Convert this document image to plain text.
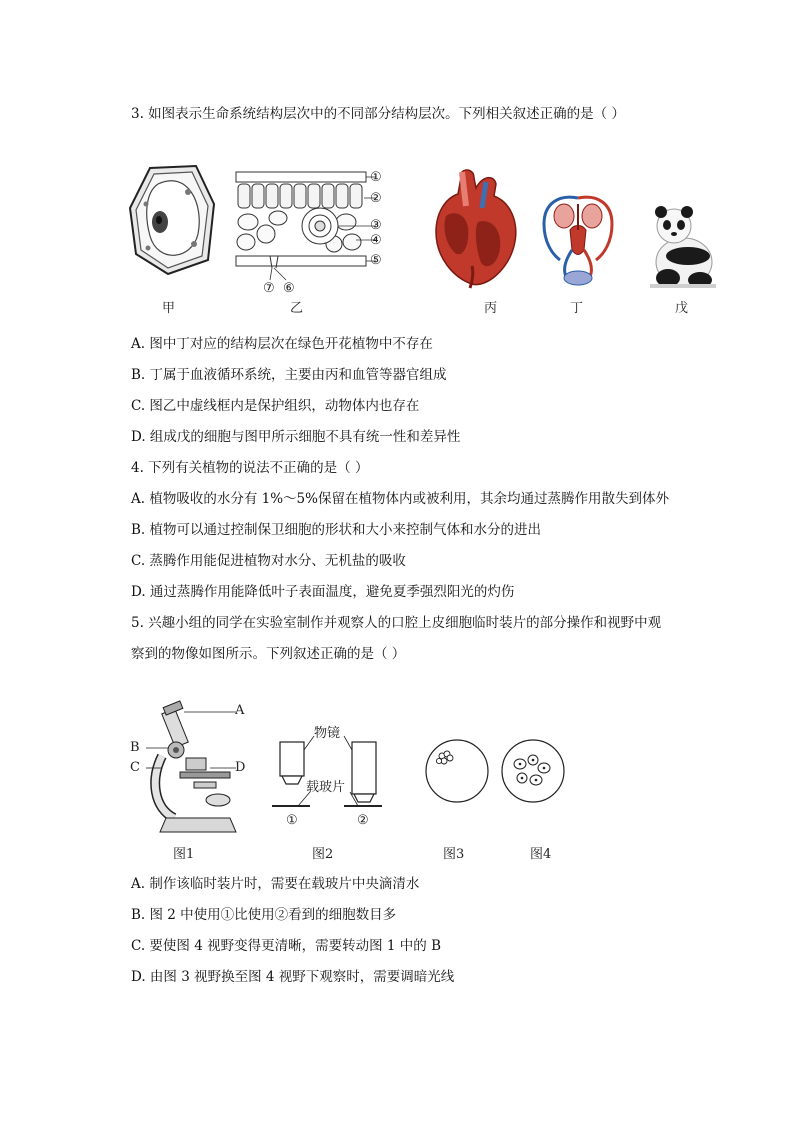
3. 如图表示生命系统结构层次中的不同部分结构层次。下列相关叙述正确的是（ ）
甲
①
②
③
④
⑤
⑥
⑦
乙	丙	丁	戊
A. 图中丁对应的结构层次在绿色开花植物中不存在
B. 丁属于血液循环系统，主要由丙和血管等器官组成
C. 图乙中虚线框内是保护组织，动物体内也存在
D. 组成戊的细胞与图甲所示细胞不具有统一性和差异性
4. 下列有关植物的说法不正确的是（ ）
A. 植物吸收的水分有 1%～5%保留在植物体内或被利用，其余均通过蒸腾作用散失到体外
B. 植物可以通过控制保卫细胞的形状和大小来控制气体和水分的进出
C. 蒸腾作用能促进植物对水分、无机盐的吸收
D. 通过蒸腾作用能降低叶子表面温度，避免夏季强烈阳光的灼伤
5. 兴趣小组的同学在实验室制作并观察人的口腔上皮细胞临时装片的部分操作和视野中观
察到的物像如图所示。下列叙述正确的是（ ）
A
B
C	D
图1
物镜
载玻片
①	②
图2	图3	图4
A. 制作该临时装片时，需要在载玻片中央滴清水
B. 图 2 中使用①比使用②看到的细胞数目多
C. 要使图 4 视野变得更清晰，需要转动图 1 中的 B
D. 由图 3 视野换至图 4 视野下观察时，需要调暗光线
